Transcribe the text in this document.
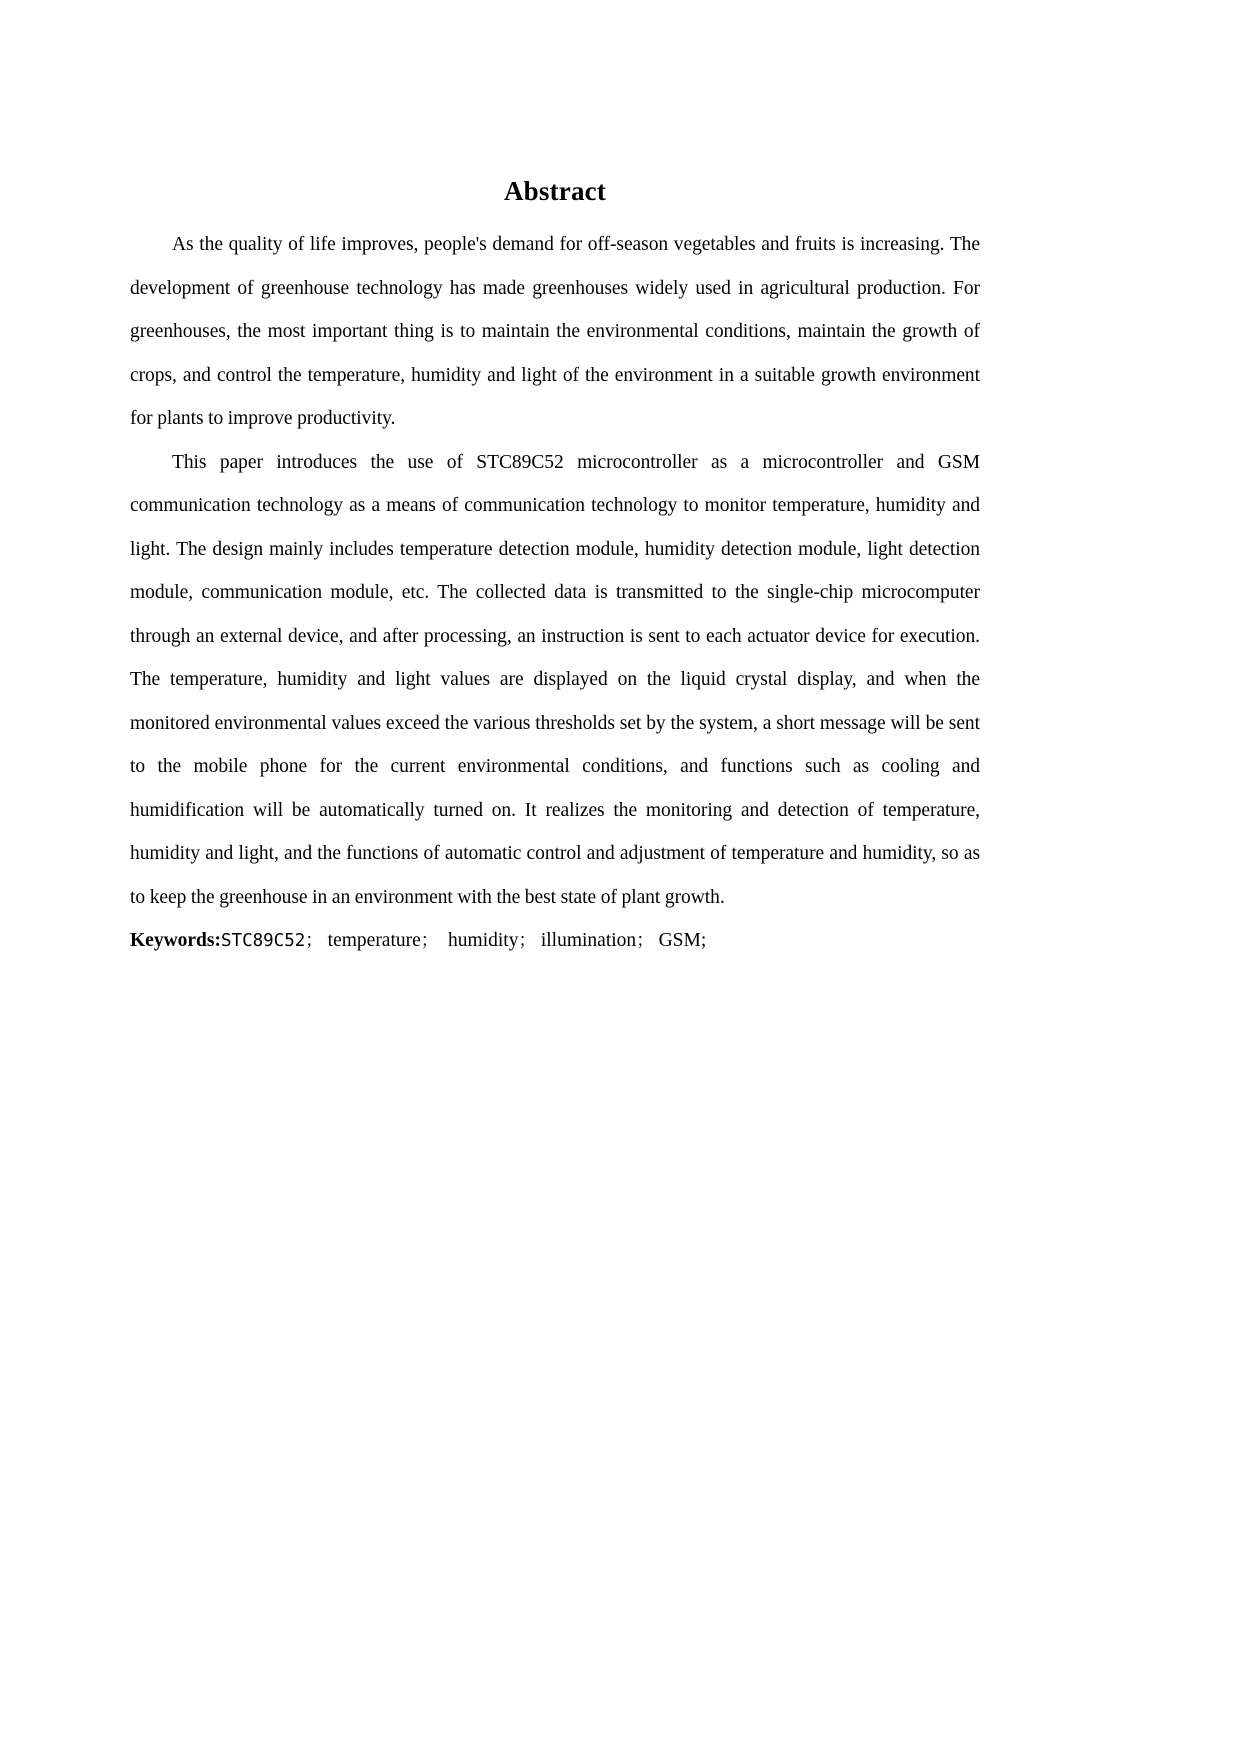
Abstract

As the quality of life improves, people's demand for off-season vegetables and fruits is increasing. The development of greenhouse technology has made greenhouses widely used in agricultural production. For greenhouses, the most important thing is to maintain the environmental conditions, maintain the growth of crops, and control the temperature, humidity and light of the environment in a suitable growth environment for plants to improve productivity.

This paper introduces the use of STC89C52 microcontroller as a microcontroller and GSM communication technology as a means of communication technology to monitor temperature, humidity and light. The design mainly includes temperature detection module, humidity detection module, light detection module, communication module, etc. The collected data is transmitted to the single-chip microcomputer through an external device, and after processing, an instruction is sent to each actuator device for execution. The temperature, humidity and light values are displayed on the liquid crystal display, and when the monitored environmental values exceed the various thresholds set by the system, a short message will be sent to the mobile phone for the current environmental conditions, and functions such as cooling and humidification will be automatically turned on. It realizes the monitoring and detection of temperature, humidity and light, and the functions of automatic control and adjustment of temperature and humidity, so as to keep the greenhouse in an environment with the best state of plant growth.

Keywords:STC89C52； temperature； humidity； illumination； GSM;
